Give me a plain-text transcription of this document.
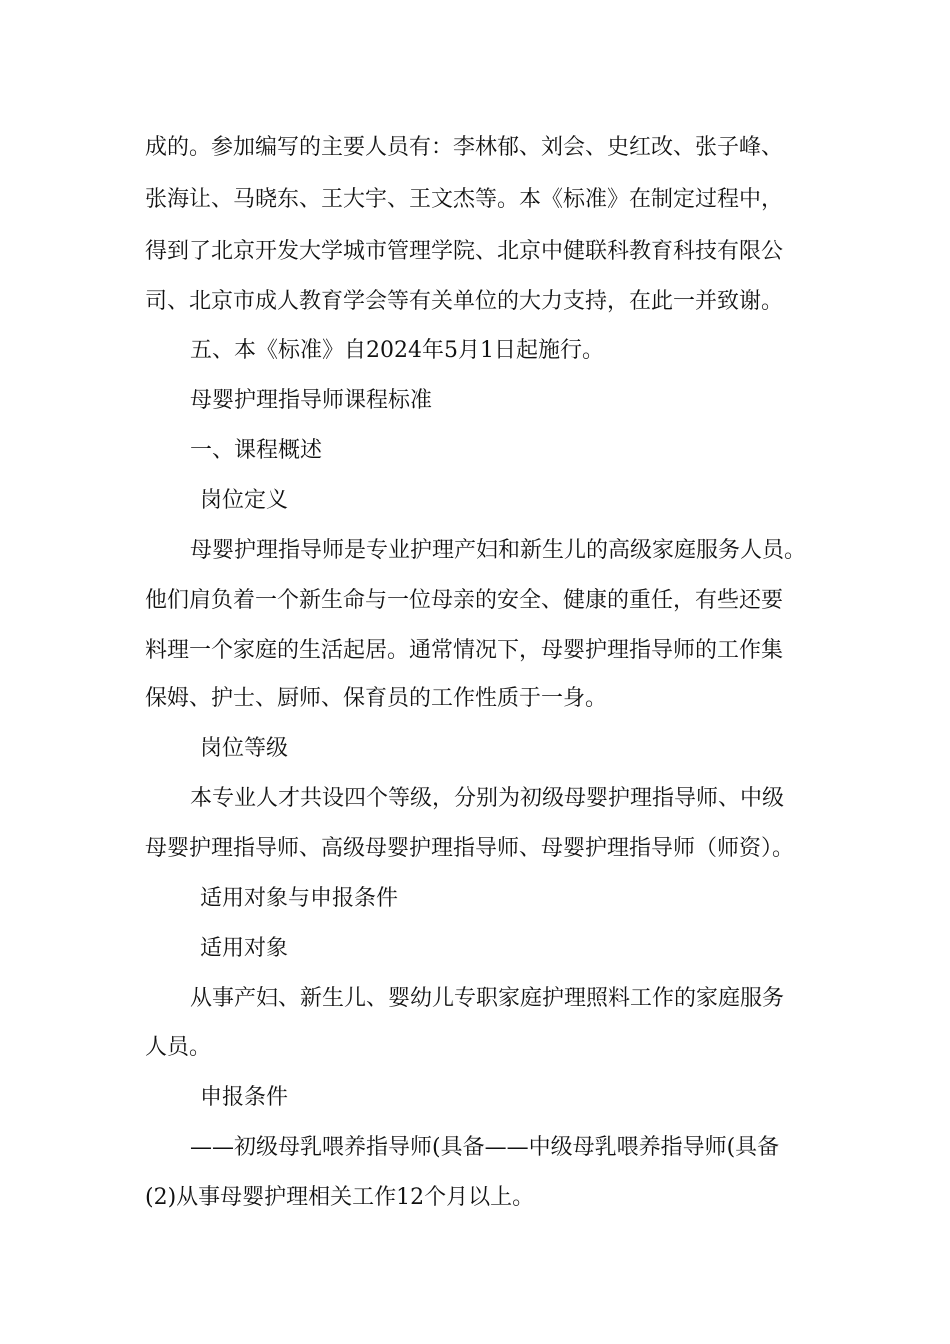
成的。参加编写的主要人员有：李林郁、刘会、史红改、张子峰、
张海让、马晓东、王大宇、王文杰等。本《标准》在制定过程中，
得到了北京开发大学城市管理学院、北京中健联科教育科技有限公
司、北京市成人教育学会等有关单位的大力支持，在此一并致谢。
五、本《标准》自2024年5月1日起施行。
母婴护理指导师课程标准
一、课程概述
岗位定义
母婴护理指导师是专业护理产妇和新生儿的高级家庭服务人员。
他们肩负着一个新生命与一位母亲的安全、健康的重任，有些还要
料理一个家庭的生活起居。通常情况下，母婴护理指导师的工作集
保姆、护士、厨师、保育员的工作性质于一身。
岗位等级
本专业人才共设四个等级，分别为初级母婴护理指导师、中级
母婴护理指导师、高级母婴护理指导师、母婴护理指导师（师资）。
适用对象与申报条件
适用对象
从事产妇、新生儿、婴幼儿专职家庭护理照料工作的家庭服务
人员。
申报条件
——初级母乳喂养指导师(具备——中级母乳喂养指导师(具备
(2)从事母婴护理相关工作12个月以上。
